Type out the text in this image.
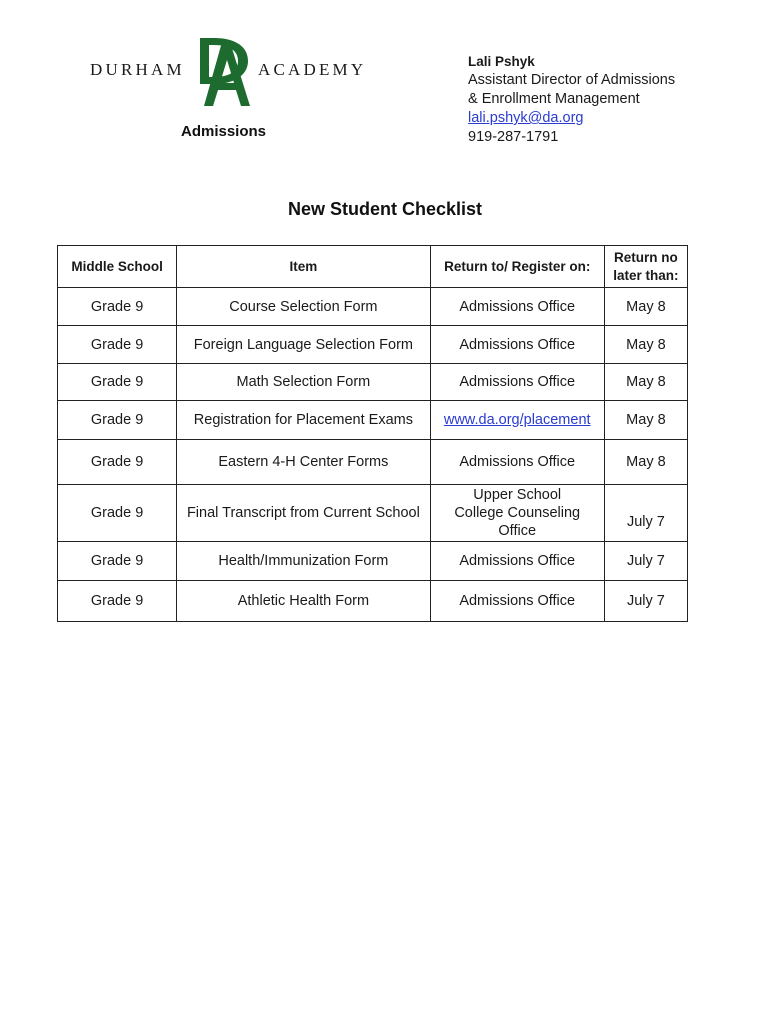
DURHAM	ACADEMY
Admissions
Lali Pshyk
Assistant Director of Admissions
& Enrollment Management
lali.pshyk@da.org
919-287-1791
New Student Checklist
Middle School	Item	Return to/ Register on:	Return no
later than:

Grade 9	Course Selection Form	Admissions Office	May 8
Grade 9	Foreign Language Selection Form	Admissions Office	May 8
Grade 9	Math Selection Form	Admissions Office	May 8
Grade 9	Registration for Placement Exams	www.da.org/placement	May 8
Grade 9	Eastern 4-H Center Forms	Admissions Office	May 8
Grade 9	Final Transcript from Current School	Upper School
College Counseling
Office	July 7
Grade 9	Health/Immunization Form	Admissions Office	July 7
Grade 9	Athletic Health Form	Admissions Office	July 7
